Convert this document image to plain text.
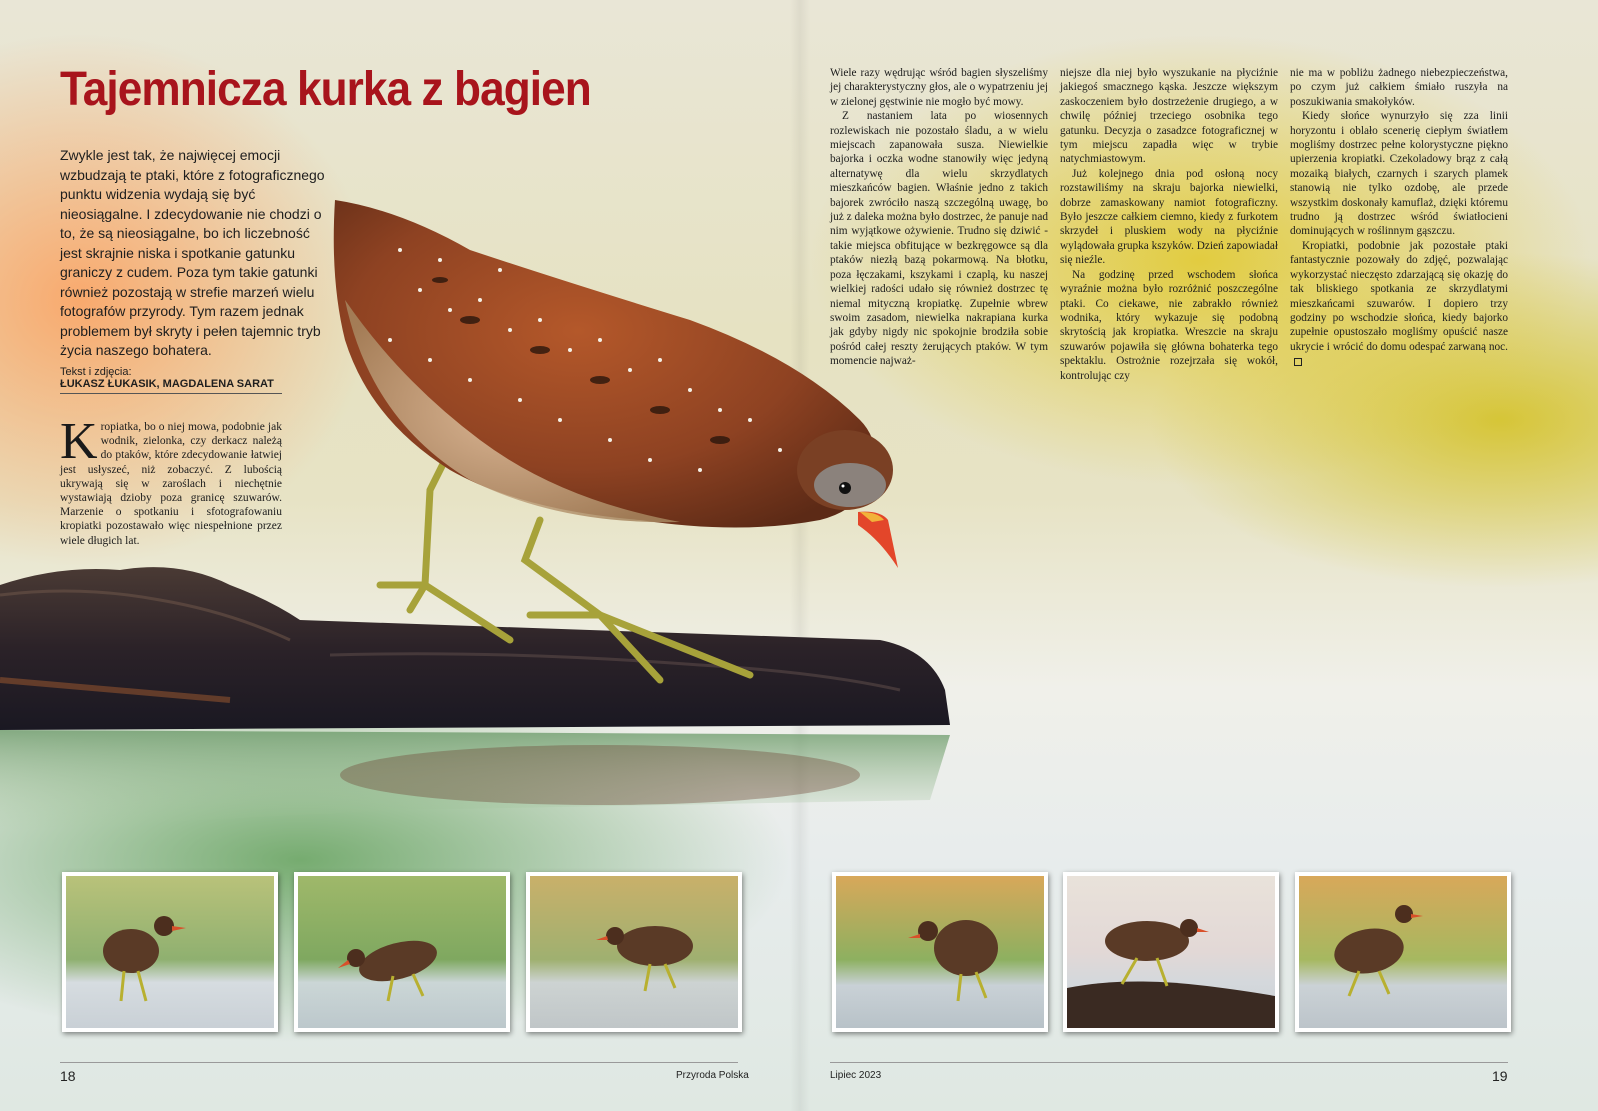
Tajemnicza kurka z bagien
Zwykle jest tak, że najwięcej emocji wzbudzają te ptaki, które z fotograficznego punktu widzenia wydają się być nieosiągalne. I zdecydowanie nie chodzi o to, że są nieosiągalne, bo ich liczebność jest skrajnie niska i spotkanie gatunku graniczy z cudem. Poza tym takie gatunki również pozostają w strefie marzeń wielu fotografów przyrody. Tym razem jednak problemem był skryty i pełen tajemnic tryb życia naszego bohatera.
Tekst i zdjęcia:
ŁUKASZ ŁUKASIK, MAGDALENA SARAT
K ropiatka, bo o niej mowa, podobnie jak wodnik, zielonka, czy derkacz należą do ptaków, które zdecydowanie łatwiej jest usłyszeć, niż zobaczyć. Z lubością ukrywają się w zaroślach i niechętnie wystawiają dzioby poza granicę szuwarów. Marzenie o spotkaniu i sfotografowaniu kropiatki pozostawało więc niespełnione przez wiele długich lat.

Wiele razy wędrując wśród bagien słyszeliśmy jej charakterystyczny głos, ale o wypatrzeniu jej w zielonej gęstwinie nie mogło być mowy.

Z nastaniem lata po wiosennych rozlewiskach nie pozostało śladu, a w wielu miejscach zapanowała susza. Niewielkie bajorka i oczka wodne stanowiły więc jedyną alternatywę dla wielu skrzydlatych mieszkańców bagien. Właśnie jedno z takich bajorek zwróciło naszą szczególną uwagę, bo już z daleka można było dostrzec, że panuje nad nim wyjątkowe ożywienie. Trudno się dziwić - takie miejsca obfitujące w bezkręgowce są dla ptaków niezłą bazą pokarmową. Na błotku, poza łęczakami, kszykami i czaplą, ku naszej wielkiej radości udało się również dostrzec tę niemal mityczną kropiatkę. Zupełnie wbrew swoim zasadom, niewielka nakrapiana kurka jak gdyby nigdy nic spokojnie brodziła sobie pośród całej reszty żerujących ptaków. W tym momencie najważ-

niejsze dla niej było wyszukanie na płyciźnie jakiegoś smacznego kąska. Jeszcze większym zaskoczeniem było dostrzeżenie drugiego, a w chwilę później trzeciego osobnika tego gatunku. Decyzja o zasadzce fotograficznej w tym miejscu zapadła więc w trybie natychmiastowym.

Już kolejnego dnia pod osłoną nocy rozstawiliśmy na skraju bajorka niewielki, dobrze zamaskowany namiot fotograficzny. Było jeszcze całkiem ciemno, kiedy z furkotem skrzydeł i pluskiem wody na płyciźnie wylądowała grupka kszyków. Dzień zapowiadał się nieźle.

Na godzinę przed wschodem słońca wyraźnie można było rozróżnić poszczególne ptaki. Co ciekawe, nie zabrakło również wodnika, który wykazuje się podobną skrytością jak kropiatka. Wreszcie na skraju szuwarów pojawiła się główna bohaterka tego spektaklu. Ostrożnie rozejrzała się wokół, kontrolując czy

nie ma w pobliżu żadnego niebezpieczeństwa, po czym już całkiem śmiało ruszyła na poszukiwania smakołyków.

Kiedy słońce wynurzyło się zza linii horyzontu i oblało scenerię ciepłym światłem mogliśmy dostrzec pełne kolorystyczne piękno upierzenia kropiatki. Czekoladowy brąz z całą mozaiką białych, czarnych i szarych plamek stanowią nie tylko ozdobę, ale przede wszystkim doskonały kamuflaż, dzięki któremu trudno ją dostrzec wśród światłocieni dominujących w roślinnym gąszczu.

Kropiatki, podobnie jak pozostałe ptaki fantastycznie pozowały do zdjęć, pozwalając wykorzystać nieczęsto zdarzającą się okazję do tak bliskiego spotkania ze skrzydlatymi mieszkańcami szuwarów. I dopiero trzy godziny po wschodzie słońca, kiedy bajorko zupełnie opustoszało mogliśmy opuścić nasze ukrycie i wrócić do domu odespać zarwaną noc.

18	Przyroda Polska	Lipiec 2023	19
